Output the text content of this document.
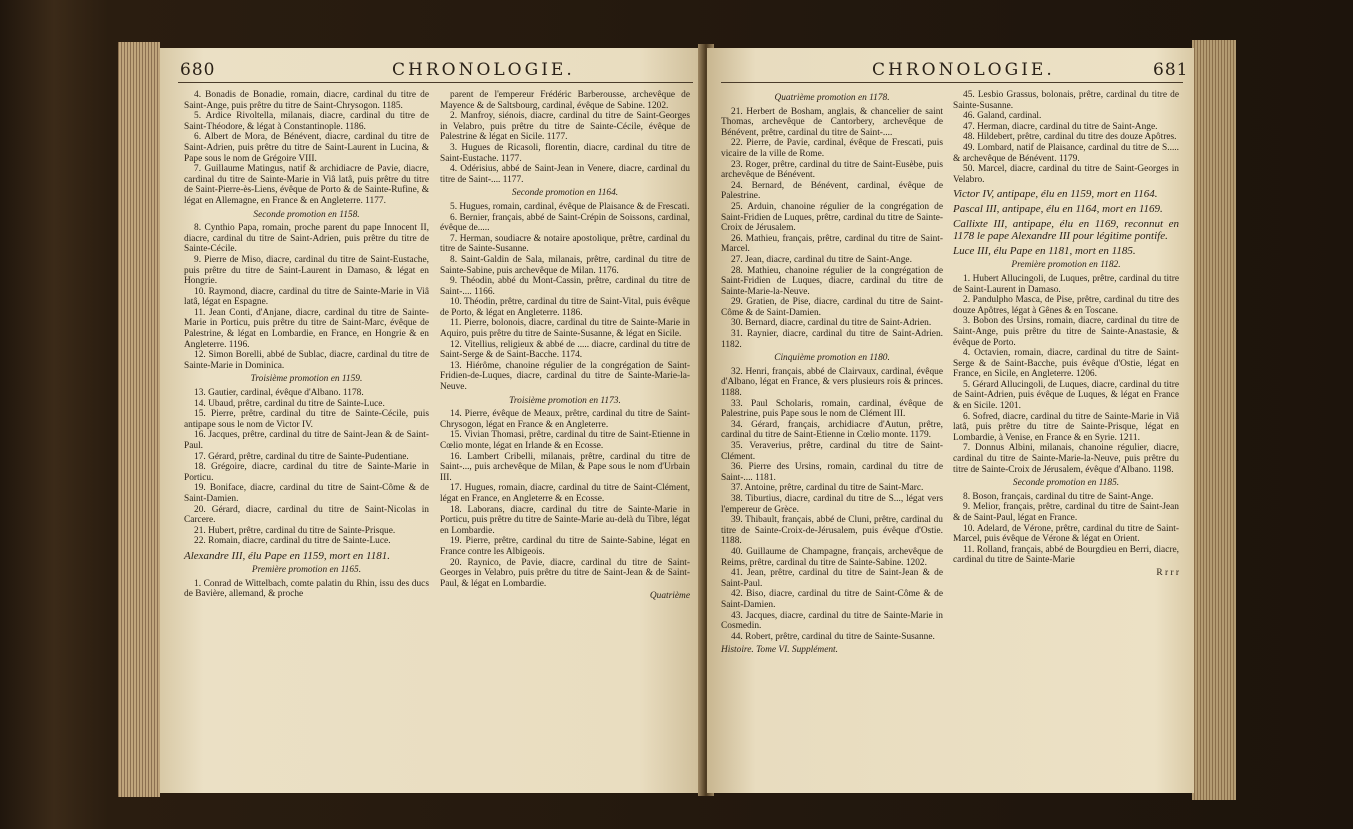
680	CHRONOLOGIE.

4. Bonadis de Bonadie, romain, diacre, cardinal du titre de Saint-Ange, puis prêtre du titre de Saint-Chrysogon. 1185.

5. Ardice Rivoltella, milanais, diacre, cardinal du titre de Saint-Théodore, & légat à Constantinople. 1186.

6. Albert de Mora, de Bénévent, diacre, cardinal du titre de Saint-Adrien, puis prêtre du titre de Saint-Laurent in Lucina, & Pape sous le nom de Grégoire VIII.

7. Guillaume Matingus, natif & archidiacre de Pavie, diacre, cardinal du titre de Sainte-Marie in Viâ latâ, puis prêtre du titre de Saint-Pierre-ès-Liens, évêque de Porto & de Sainte-Rufine, & légat en Allemagne, en France & en Angleterre. 1177.

Seconde promotion en 1158.

8. Cynthio Papa, romain, proche parent du pape Innocent II, diacre, cardinal du titre de Saint-Adrien, puis prêtre du titre de Sainte-Cécile.

9. Pierre de Miso, diacre, cardinal du titre de Saint-Eustache, puis prêtre du titre de Saint-Laurent in Damaso, & légat en Hongrie.

10. Raymond, diacre, cardinal du titre de Sainte-Marie in Viâ latâ, légat en Espagne.

11. Jean Conti, d'Anjane, diacre, cardinal du titre de Sainte-Marie in Porticu, puis prêtre du titre de Saint-Marc, évêque de Palestrine, & légat en Lombardie, en France, en Hongrie & en Angleterre. 1196.

12. Simon Borelli, abbé de Sublac, diacre, cardinal du titre de Sainte-Marie in Dominica.

Troisième promotion en 1159.

13. Gautier, cardinal, évêque d'Albano. 1178.

14. Ubaud, prêtre, cardinal du titre de Sainte-Luce.

15. Pierre, prêtre, cardinal du titre de Sainte-Cécile, puis antipape sous le nom de Victor IV.

16. Jacques, prêtre, cardinal du titre de Saint-Jean & de Saint-Paul.

17. Gérard, prêtre, cardinal du titre de Sainte-Pudentiane.

18. Grégoire, diacre, cardinal du titre de Sainte-Marie in Porticu.

19. Boniface, diacre, cardinal du titre de Saint-Côme & de Saint-Damien.

20. Gérard, diacre, cardinal du titre de Saint-Nicolas in Carcere.

21. Hubert, prêtre, cardinal du titre de Sainte-Prisque.

22. Romain, diacre, cardinal du titre de Sainte-Luce.

Alexandre III, élu Pape en 1159, mort en 1181.

Première promotion en 1165.

1. Conrad de Wittelbach, comte palatin du Rhin, issu des ducs de Bavière, allemand, & proche

parent de l'empereur Frédéric Barberousse, archevêque de Mayence & de Saltsbourg, cardinal, évêque de Sabine. 1202.

2. Manfroy, siénois, diacre, cardinal du titre de Saint-Georges in Velabro, puis prêtre du titre de Sainte-Cécile, évêque de Palestrine & légat en Sicile. 1177.

3. Hugues de Ricasoli, florentin, diacre, cardinal du titre de Saint-Eustache. 1177.

4. Odérisius, abbé de Saint-Jean in Venere, diacre, cardinal du titre de Saint-.... 1177.

Seconde promotion en 1164.

5. Hugues, romain, cardinal, évêque de Plaisance & de Frescati.

6. Bernier, français, abbé de Saint-Crépin de Soissons, cardinal, évêque de.....

7. Herman, soudiacre & notaire apostolique, prêtre, cardinal du titre de Sainte-Susanne.

8. Saint-Galdin de Sala, milanais, prêtre, cardinal du titre de Sainte-Sabine, puis archevêque de Milan. 1176.

9. Théodin, abbé du Mont-Cassin, prêtre, cardinal du titre de Saint-.... 1166.

10. Théodin, prêtre, cardinal du titre de Saint-Vital, puis évêque de Porto, & légat en Angleterre. 1186.

11. Pierre, bolonois, diacre, cardinal du titre de Sainte-Marie in Aquiro, puis prêtre du titre de Sainte-Susanne, & légat en Sicile.

12. Vitellius, religieux & abbé de ..... diacre, cardinal du titre de Saint-Serge & de Saint-Bacche. 1174.

13. Hiérôme, chanoine régulier de la congrégation de Saint-Fridien-de-Luques, diacre, cardinal du titre de Sainte-Marie-la-Neuve.

Troisième promotion en 1173.

14. Pierre, évêque de Meaux, prêtre, cardinal du titre de Saint-Chrysogon, légat en France & en Angleterre.

15. Vivian Thomasi, prêtre, cardinal du titre de Saint-Etienne in Cœlio monte, légat en Irlande & en Ecosse.

16. Lambert Cribelli, milanais, prêtre, cardinal du titre de Saint-..., puis archevêque de Milan, & Pape sous le nom d'Urbain III.

17. Hugues, romain, diacre, cardinal du titre de Saint-Clément, légat en France, en Angleterre & en Ecosse.

18. Laborans, diacre, cardinal du titre de Sainte-Marie in Porticu, puis prêtre du titre de Sainte-Marie au-delà du Tibre, légat en Lombardie.

19. Pierre, prêtre, cardinal du titre de Sainte-Sabine, légat en France contre les Albigeois.

20. Raynico, de Pavie, diacre, cardinal du titre de Saint-Georges in Velabro, puis prêtre du titre de Saint-Jean & de Saint-Paul, & légat en Lombardie.

Quatrième

CHRONOLOGIE.	681

Quatrième promotion en 1178.

21. Herbert de Bosham, anglais, & chancelier de saint Thomas, archevêque de Cantorbery, archevêque de Bénévent, prêtre, cardinal du titre de Saint-....

22. Pierre, de Pavie, cardinal, évêque de Frescati, puis vicaire de la ville de Rome.

23. Roger, prêtre, cardinal du titre de Saint-Eusèbe, puis archevêque de Bénévent.

24. Bernard, de Bénévent, cardinal, évêque de Palestrine.

25. Arduin, chanoine régulier de la congrégation de Saint-Fridien de Luques, prêtre, cardinal du titre de Sainte-Croix de Jérusalem.

26. Mathieu, français, prêtre, cardinal du titre de Saint-Marcel.

27. Jean, diacre, cardinal du titre de Saint-Ange.

28. Mathieu, chanoine régulier de la congrégation de Saint-Fridien de Luques, diacre, cardinal du titre de Sainte-Marie-la-Neuve.

29. Gratien, de Pise, diacre, cardinal du titre de Saint-Côme & de Saint-Damien.

30. Bernard, diacre, cardinal du titre de Saint-Adrien.

31. Raynier, diacre, cardinal du titre de Saint-Adrien. 1182.

Cinquième promotion en 1180.

32. Henri, français, abbé de Clairvaux, cardinal, évêque d'Albano, légat en France, & vers plusieurs rois & princes. 1188.

33. Paul Scholaris, romain, cardinal, évêque de Palestrine, puis Pape sous le nom de Clément III.

34. Gérard, français, archidiacre d'Autun, prêtre, cardinal du titre de Saint-Etienne in Cœlio monte. 1179.

35. Veraverius, prêtre, cardinal du titre de Saint-Clément.

36. Pierre des Ursins, romain, cardinal du titre de Saint-.... 1181.

37. Antoine, prêtre, cardinal du titre de Saint-Marc.

38. Tiburtius, diacre, cardinal du titre de S..., légat vers l'empereur de Grèce.

39. Thibault, français, abbé de Cluni, prêtre, cardinal du titre de Sainte-Croix-de-Jérusalem, puis évêque d'Ostie. 1188.

40. Guillaume de Champagne, français, archevêque de Reims, prêtre, cardinal du titre de Sainte-Sabine. 1202.

41. Jean, prêtre, cardinal du titre de Saint-Jean & de Saint-Paul.

42. Biso, diacre, cardinal du titre de Saint-Côme & de Saint-Damien.

43. Jacques, diacre, cardinal du titre de Sainte-Marie in Cosmedin.

44. Robert, prêtre, cardinal du titre de Sainte-Susanne.

Histoire. Tome VI. Supplément.

45. Lesbio Grassus, bolonais, prêtre, cardinal du titre de Sainte-Susanne.

46. Galand, cardinal.

47. Herman, diacre, cardinal du titre de Saint-Ange.

48. Hildebert, prêtre, cardinal du titre des douze Apôtres.

49. Lombard, natif de Plaisance, cardinal du titre de S..... & archevêque de Bénévent. 1179.

50. Marcel, diacre, cardinal du titre de Saint-Georges in Velabro.

Victor IV, antipape, élu en 1159, mort en 1164.

Pascal III, antipape, élu en 1164, mort en 1169.

Callixte III, antipape, élu en 1169, reconnut en 1178 le pape Alexandre III pour légitime pontife.

Luce III, élu Pape en 1181, mort en 1185.

Première promotion en 1182.

1. Hubert Allucingoli, de Luques, prêtre, cardinal du titre de Saint-Laurent in Damaso.

2. Pandulpho Masca, de Pise, prêtre, cardinal du titre des douze Apôtres, légat à Gênes & en Toscane.

3. Bobon des Ursins, romain, diacre, cardinal du titre de Saint-Ange, puis prêtre du titre de Sainte-Anastasie, & évêque de Porto.

4. Octavien, romain, diacre, cardinal du titre de Saint-Serge & de Saint-Bacche, puis évêque d'Ostie, légat en France, en Sicile, en Angleterre. 1206.

5. Gérard Allucingoli, de Luques, diacre, cardinal du titre de Saint-Adrien, puis évêque de Luques, & légat en France & en Sicile. 1201.

6. Sofred, diacre, cardinal du titre de Sainte-Marie in Viâ latâ, puis prêtre du titre de Sainte-Prisque, légat en Lombardie, à Venise, en France & en Syrie. 1211.

7. Donnus Albini, milanais, chanoine régulier, diacre, cardinal du titre de Sainte-Marie-la-Neuve, puis prêtre du titre de Sainte-Croix de Jérusalem, évêque d'Albano. 1198.

Seconde promotion en 1185.

8. Boson, français, cardinal du titre de Saint-Ange.

9. Melior, français, prêtre, cardinal du titre de Saint-Jean & de Saint-Paul, légat en France.

10. Adelard, de Vérone, prêtre, cardinal du titre de Saint-Marcel, puis évêque de Vérone & légat en Orient.

11. Rolland, français, abbé de Bourgdieu en Berri, diacre, cardinal du titre de Sainte-Marie

R r r r
